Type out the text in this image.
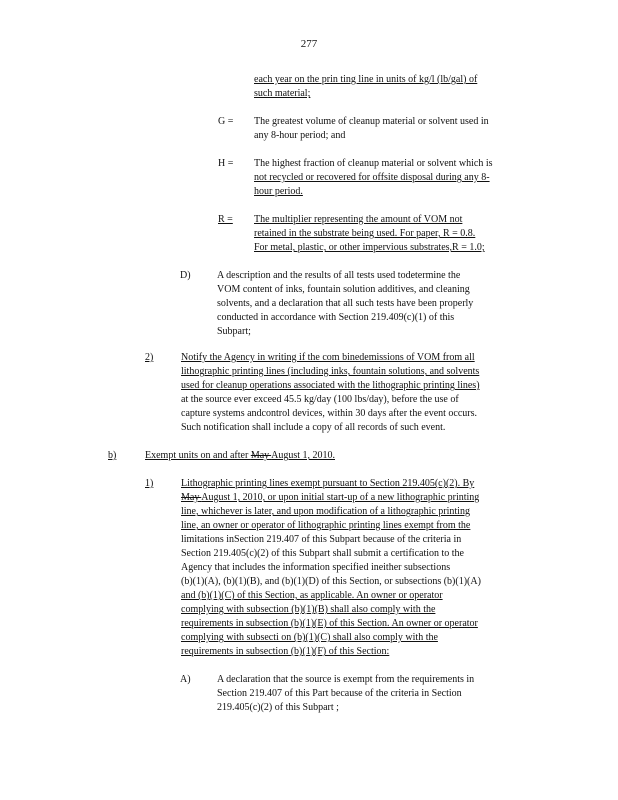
277
each year on the prin ting line in units of kg/l (lb/gal) of
such material;
G = The greatest volume of cleanup material or solvent used in
any 8-hour period; and
H = The highest fraction of cleanup material or solvent which is
not recycled or recovered for offsite disposal during any 8-
hour period.
R = The multiplier representing the amount of VOM not
retained in the substrate being used. For paper, R = 0.8.
For metal, plastic, or other impervious substrates,R = 1.0;
D)	A description and the results of all tests used todetermine the
VOM content of inks, fountain solution additives, and cleaning
solvents, and a declaration that all such tests have been properly
conducted in accordance with Section 219.409(c)(1) of this
Subpart;
2)	Notify the Agency in writing if the com binedemissions of VOM from all
lithographic printing lines (including inks, fountain solutions, and solvents
used for cleanup operations associated with the lithographic printing lines)
at the source ever exceed 45.5 kg/day (100 lbs/day), before the use of
capture systems andcontrol devices, within 30 days after the event occurs.
Such notification shall include a copy of all records of such event.
b)	Exempt units on and after May August 1, 2010.
1)	Lithographic printing lines exempt pursuant to Section 219.405(c)(2). By
May August 1, 2010, or upon initial start-up of a new lithographic printing
line, whichever is later, and upon modification of a lithographic printing
line, an owner or operator of lithographic printing lines exempt from the
limitations inSection 219.407 of this Subpart because of the criteria in
Section 219.405(c)(2) of this Subpart shall submit a certification to the
Agency that includes the information specified ineither subsections
(b)(1)(A), (b)(1)(B), and (b)(1)(D) of this Section, or subsections (b)(1)(A)
and (b)(1)(C) of this Section, as applicable. An owner or operator
complying with subsection (b)(1)(B) shall also comply with the
requirements in subsection (b)(1)(E) of this Section. An owner or operator
complying with subsecti on (b)(1)(C) shall also comply with the
requirements in subsection (b)(1)(F) of this Section:
A)	A declaration that the source is exempt from the requirements in
Section 219.407 of this Part because of the criteria in Section
219.405(c)(2) of this Subpart ;
